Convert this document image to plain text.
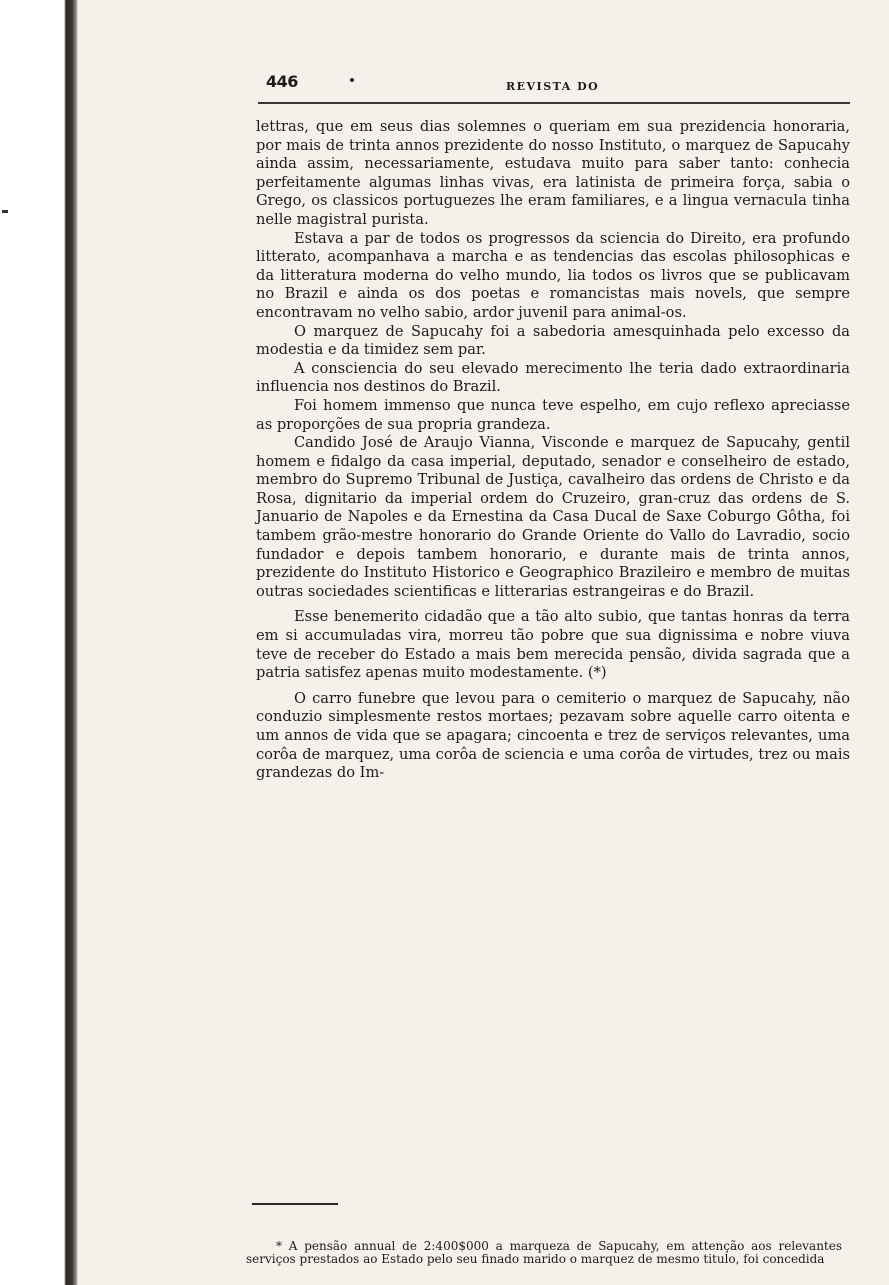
446	REVISTA DO

lettras, que em seus dias solemnes o queriam em sua prezidencia honoraria, por mais de trinta annos prezidente do nosso Instituto, o marquez de Sapucahy ainda assim, necessariamente, estudava muito para saber tanto: conhecia perfeitamente algumas linhas vivas, era latinista de primeira força, sabia o Grego, os classicos portuguezes lhe eram familiares, e a lingua vernacula tinha nelle magistral purista.

Estava a par de todos os progressos da sciencia do Direito, era profundo litterato, acompanhava a marcha e as tendencias das escolas philosophicas e da litteratura moderna do velho mundo, lia todos os livros que se publicavam no Brazil e ainda os dos poetas e romancistas mais novels, que sempre encontravam no velho sabio, ardor juvenil para animal-os.

O marquez de Sapucahy foi a sabedoria amesquinhada pelo excesso da modestia e da timidez sem par.

A consciencia do seu elevado merecimento lhe teria dado extraordinaria influencia nos destinos do Brazil.

Foi homem immenso que nunca teve espelho, em cujo reflexo apreciasse as proporções de sua propria grandeza.

Candido José de Araujo Vianna, Visconde e marquez de Sapucahy, gentil homem e fidalgo da casa imperial, deputado, senador e conselheiro de estado, membro do Supremo Tribunal de Justiça, cavalheiro das ordens de Christo e da Rosa, dignitario da imperial ordem do Cruzeiro, gran-cruz das ordens de S. Januario de Napoles e da Ernestina da Casa Ducal de Saxe Coburgo Gôtha, foi tambem grão-mestre honorario do Grande Oriente do Vallo do Lavradio, socio fundador e depois tambem honorario, e durante mais de trinta annos, prezidente do Instituto Historico e Geographico Brazileiro e membro de muitas outras sociedades scientificas e litterarias estrangeiras e do Brazil.

Esse benemerito cidadão que a tão alto subio, que tantas honras da terra em si accumuladas vira, morreu tão pobre que sua dignissima e nobre viuva teve de receber do Estado a mais bem merecida pensão, divida sagrada que a patria satisfez apenas muito modestamente. (*)

O carro funebre que levou para o cemiterio o marquez de Sapucahy, não conduzio simplesmente restos mortaes; pezavam sobre aquelle carro oitenta e um annos de vida que se apagara; cincoenta e trez de serviços relevantes, uma corôa de marquez, uma corôa de sciencia e uma corôa de virtudes, trez ou mais grandezas do Im-

* A pensão annual de 2:400$000 a marqueza de Sapucahy, em attenção aos relevantes serviços prestados ao Estado pelo seu finado marido o marquez de mesmo titulo, foi concedida
